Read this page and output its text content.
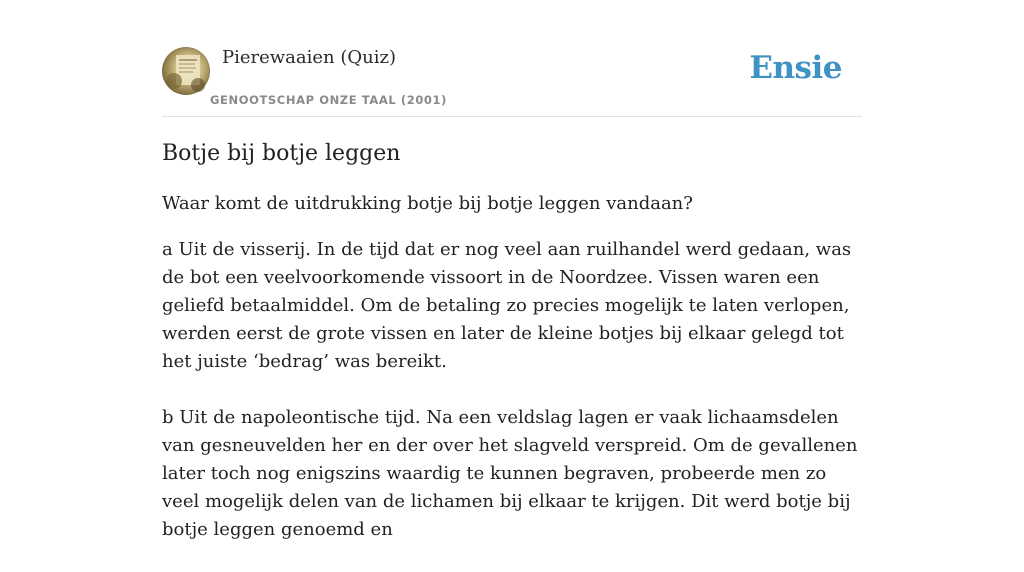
Pierewaaien (Quiz)
GENOOTSCHAP ONZE TAAL (2001)
Ensie
Botje bij botje leggen

Waar komt de uitdrukking botje bij botje leggen vandaan?

a Uit de visserij. In de tijd dat er nog veel aan ruilhandel werd gedaan, was de bot een veelvoorkomende vissoort in de Noordzee. Vissen waren een geliefd betaalmiddel. Om de betaling zo precies mogelijk te laten verlopen, werden eerst de grote vissen en later de kleine botjes bij elkaar gelegd tot het juiste ‘bedrag’ was bereikt.

b Uit de napoleontische tijd. Na een veldslag lagen er vaak lichaamsdelen van gesneuvelden her en der over het slagveld verspreid. Om de gevallenen later toch nog enigszins waardig te kunnen begraven, probeerde men zo veel mogelijk delen van de lichamen bij elkaar te krijgen. Dit werd botje bij botje leggen genoemd en
